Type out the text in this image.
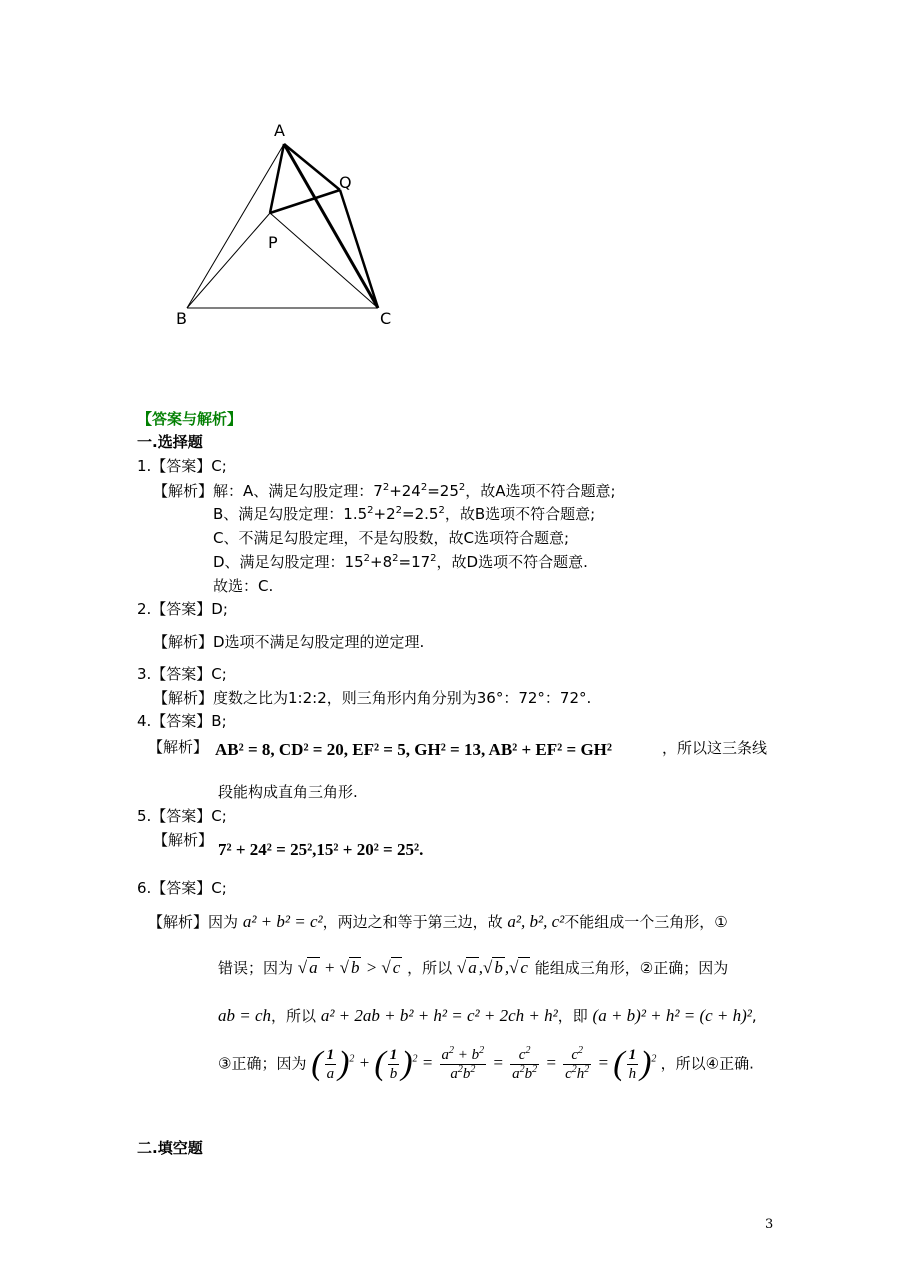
A
Q
P
B	C
【答案与解析】
一.选择题
1.【答案】C;
【解析】解：A、满足勾股定理：$7^2+24^2=25^2$，故A选项不符合题意;
B、满足勾股定理：$1.5^2+2^2=2.5^2$，故B选项不符合题意;
C、不满足勾股定理，不是勾股数，故C选项符合题意;
D、满足勾股定理：$15^2+8^2=17^2$，故D选项不符合题意.
故选：C.
2.【答案】D;
【解析】D选项不满足勾股定理的逆定理.
3.【答案】C;
【解析】度数之比为1:2:2，则三角形内角分别为36°：72°：72°.
4.【答案】B;
【解析】 AB² = 8, CD² = 20, EF² = 5, GH² = 13, AB² + EF² = GH²	，所以这三条线
段能构成直角三角形.
5.【答案】C;
【解析】 7² + 24² = 25²,15² + 20² = 25².
6.【答案】C;
【解析】因为 a² + b² = c²，两边之和等于第三边，故 a², b², c²不能组成一个三角形，①
错误；因为 √ a + √ b > √ c ，所以 √ a ,√ b ,√ c 能组成三角形，②正确；因为
ab = ch，所以 a² + 2ab + b² + h² = c² + 2ch + h²，即 (a + b)² + h² = (c + h)²,
③正确；因为 ( $\frac{1}{a} )^2$ + ( $\frac{1}{b} )^2 = \frac{a^2 + b^2}{a^2b^2} = \frac{c^2}{a^2b^2} = \frac{c^2}{c^2h^2}$ = ( $\frac{1}{h} )^2$ ，所以④正确.
二.填空题
3
